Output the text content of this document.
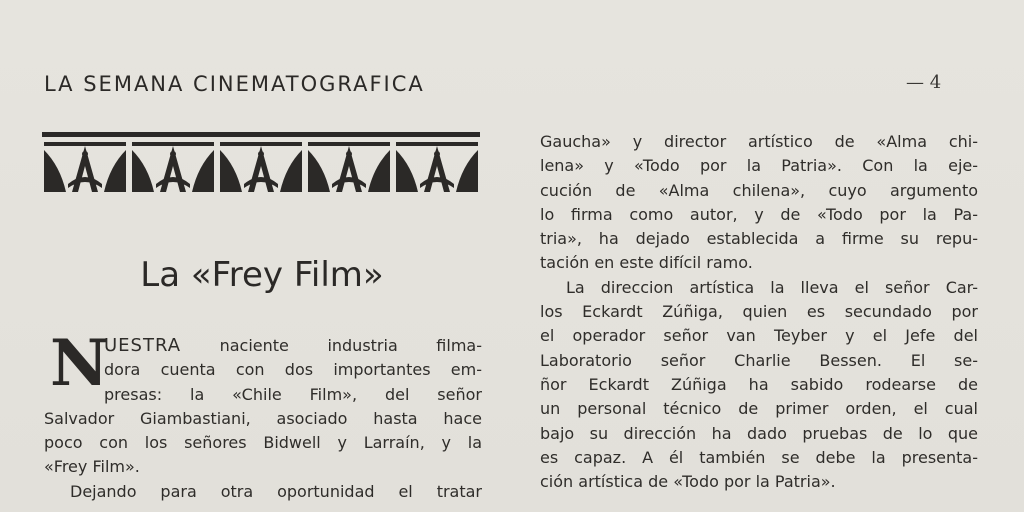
LA SEMANA CINEMATOGRAFICA	— 4
La «Frey Film»
N
UESTRA naciente industria filma-
dora cuenta con dos importantes em-
presas: la «Chile Film», del señor
Salvador Giambastiani, asociado hasta hace
poco con los señores Bidwell y Larraín, y la
«Frey Film».
Dejando para otra oportunidad el tratar
Gaucha» y director artístico de «Alma chi-
lena» y «Todo por la Patria». Con la eje-
cución de «Alma chilena», cuyo argumento
lo firma como autor, y de «Todo por la Pa-
tria», ha dejado establecida a firme su repu-
tación en este difícil ramo.
La direccion artística la lleva el señor Car-
los Eckardt Zúñiga, quien es secundado por
el operador señor van Teyber y el Jefe del
Laboratorio señor Charlie Bessen. El se-
ñor Eckardt Zúñiga ha sabido rodearse de
un personal técnico de primer orden, el cual
bajo su dirección ha dado pruebas de lo que
es capaz. A él también se debe la presenta-
ción artística de «Todo por la Patria».
